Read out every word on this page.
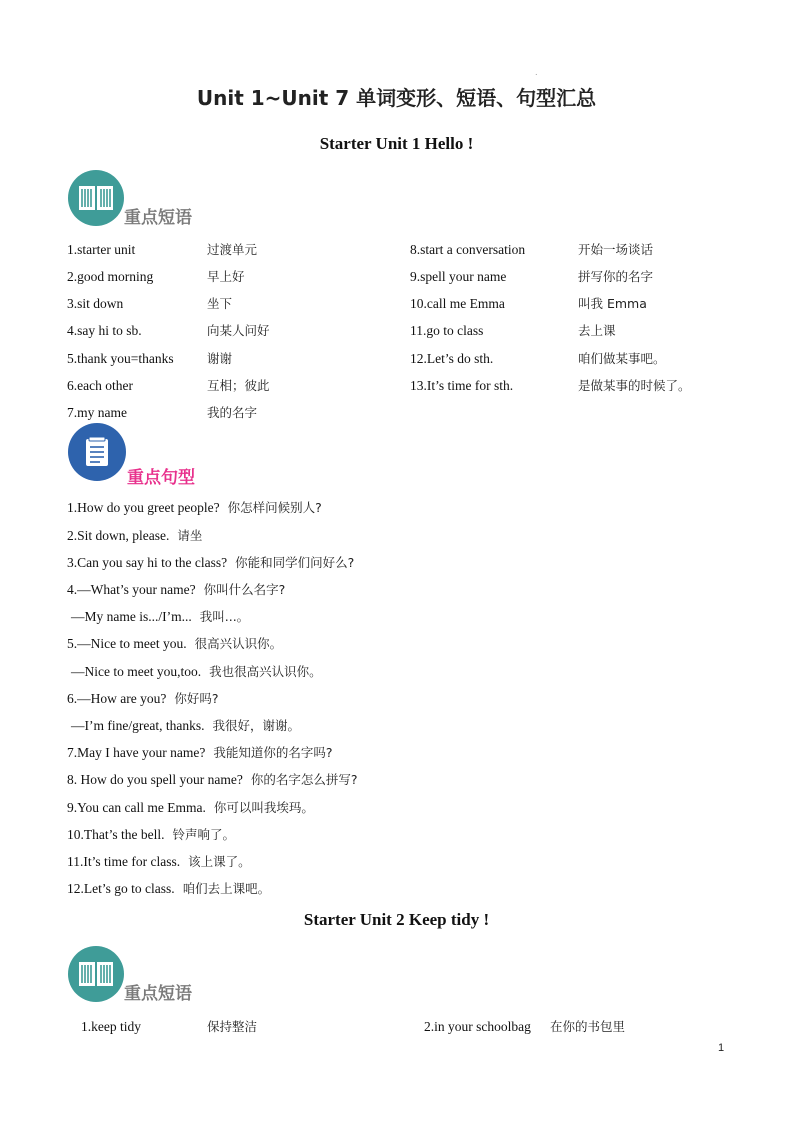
.
Unit 1~Unit 7 单词变形、短语、句型汇总
Starter Unit 1 Hello !
重点短语
1.starter unit	过渡单元
2.good morning	早上好
3.sit down	坐下
4.say hi to sb.	向某人问好
5.thank you=thanks	谢谢
6.each other	互相；彼此
7.my name	我的名字
8.start a conversation	开始一场谈话
9.spell your name	拼写你的名字
10.call me Emma	叫我 Emma
11.go to class	去上课
12.Let’s do sth.	咱们做某事吧。
13.It’s time for sth.	是做某事的时候了。
重点句型
1.How do you greet people? 你怎样问候别人?
2.Sit down, please. 请坐
3.Can you say hi to the class? 你能和同学们问好么?
4.—What’s your name? 你叫什么名字?
—My name is.../I’m... 我叫...。
5.—Nice to meet you. 很高兴认识你。
—Nice to meet you,too. 我也很高兴认识你。
6.—How are you? 你好吗?
—I’m fine/great, thanks. 我很好，谢谢。
7.May I have your name? 我能知道你的名字吗?
8. How do you spell your name? 你的名字怎么拼写?
9.You can call me Emma. 你可以叫我埃玛。
10.That’s the bell. 铃声响了。
11.It’s time for class. 该上课了。
12.Let’s go to class. 咱们去上课吧。
Starter Unit 2 Keep tidy !
重点短语
1.keep tidy	保持整洁	2.in your schoolbag 在你的书包里
1
